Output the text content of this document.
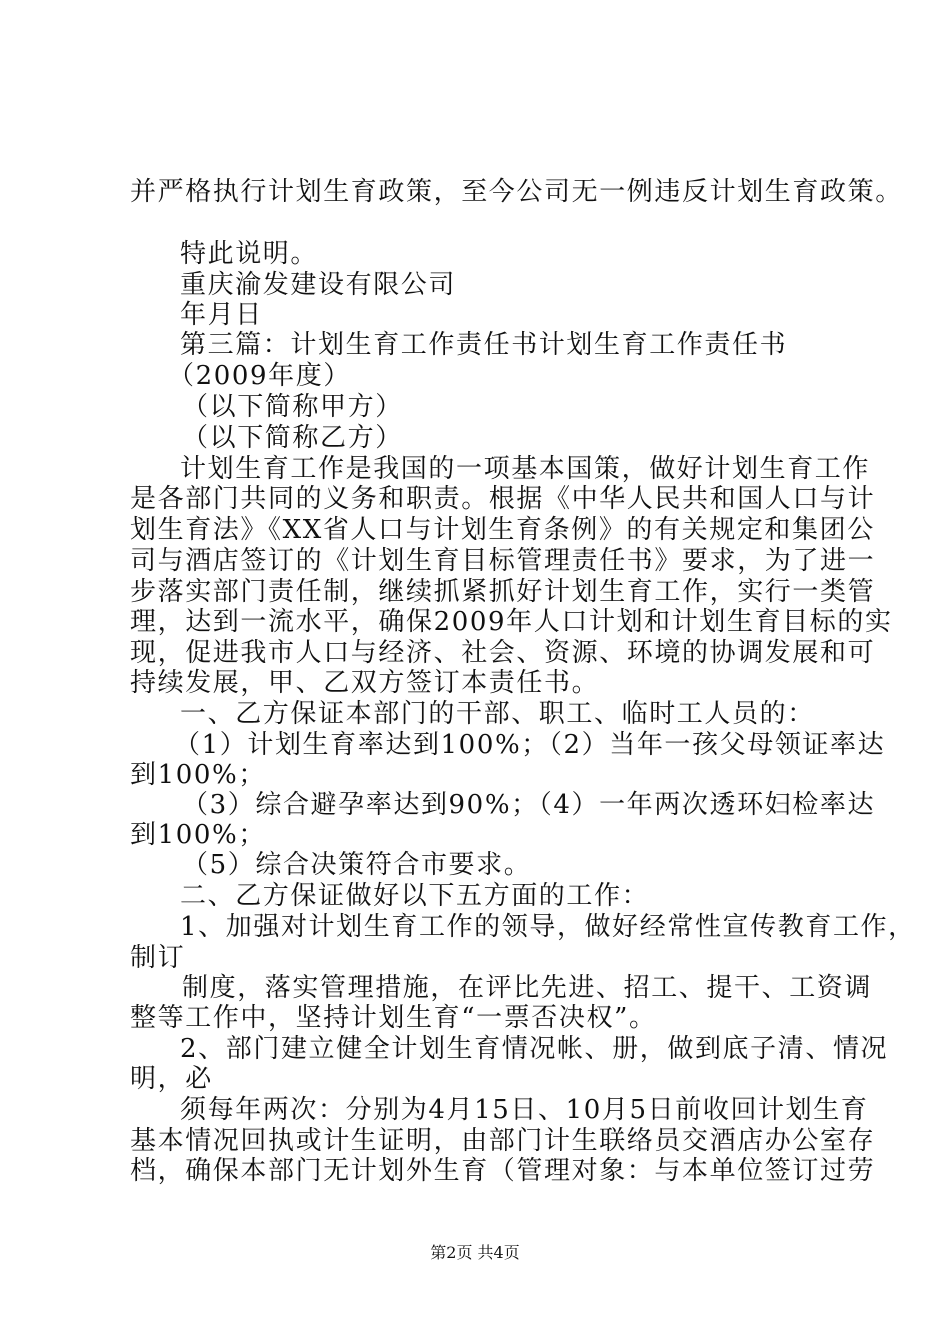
并严格执行计划生育政策，至今公司无一例违反计划生育政策。
特此说明。
重庆渝发建设有限公司
年月日
第三篇：计划生育工作责任书计划生育工作责任书
（2009年度）
（以下简称甲方）
（以下简称乙方）
计划生育工作是我国的一项基本国策，做好计划生育工作
是各部门共同的义务和职责。根据《中华人民共和国人口与计
划生育法》《XX省人口与计划生育条例》的有关规定和集团公
司与酒店签订的《计划生育目标管理责任书》要求，为了进一
步落实部门责任制，继续抓紧抓好计划生育工作，实行一类管
理，达到一流水平，确保2009年人口计划和计划生育目标的实
现，促进我市人口与经济、社会、资源、环境的协调发展和可
持续发展，甲、乙双方签订本责任书。
一、乙方保证本部门的干部、职工、临时工人员的：
（1）计划生育率达到100%；（2）当年一孩父母领证率达
到100%；
（3）综合避孕率达到90%；（4）一年两次透环妇检率达
到100%；
（5）综合决策符合市要求。
二、乙方保证做好以下五方面的工作：
1、加强对计划生育工作的领导，做好经常性宣传教育工作，
制订
制度，落实管理措施，在评比先进、招工、提干、工资调
整等工作中，坚持计划生育“一票否决权”。
2、部门建立健全计划生育情况帐、册，做到底子清、情况
明，必
须每年两次：分别为4月15日、10月5日前收回计划生育
基本情况回执或计生证明，由部门计生联络员交酒店办公室存
档，确保本部门无计划外生育（管理对象：与本单位签订过劳
第2页 共4页
